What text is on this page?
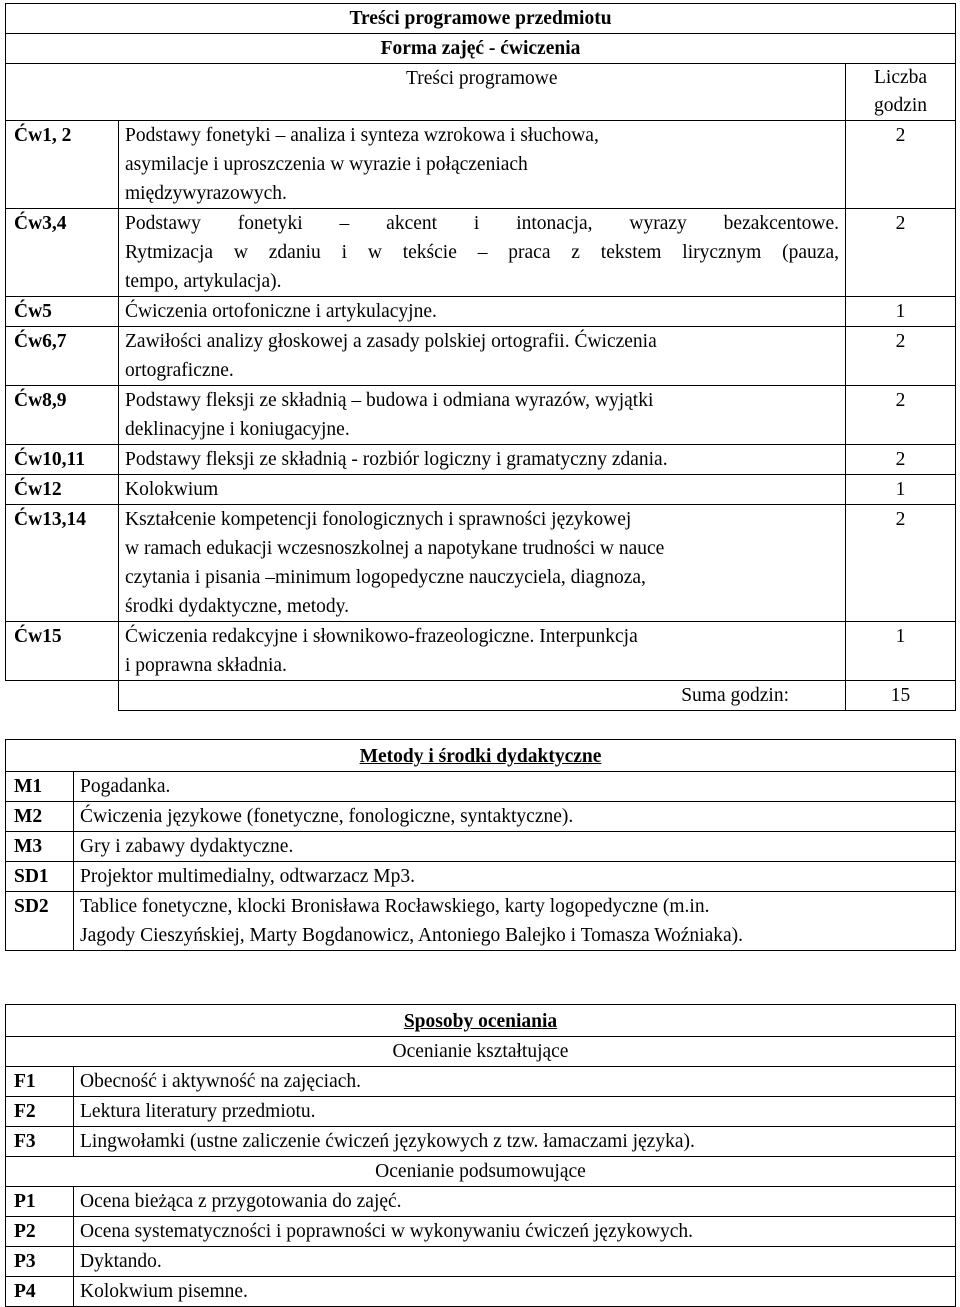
Treści programowe przedmiotu		
Forma zajęć - ćwiczenia		
	Treści programowe	Liczba godzin
Ćw1, 2	Podstawy fonetyki – analiza i synteza wzrokowa i słuchowa,
asymilacje i uproszczenia w wyrazie i połączeniach
międzywyrazowych.	2
Ćw3,4	Podstawy fonetyki – akcent i intonacja, wyrazy bezakcentowe.
Rytmizacja w zdaniu i w tekście – praca z tekstem lirycznym (pauza,
tempo, artykulacja).	2
Ćw5	Ćwiczenia ortofoniczne i artykulacyjne.	1
Ćw6,7	Zawiłości analizy głoskowej a zasady polskiej ortografii. Ćwiczenia
ortograficzne.	2
Ćw8,9	Podstawy fleksji ze składnią – budowa i odmiana wyrazów, wyjątki
deklinacyjne i koniugacyjne.	2
Ćw10,11	Podstawy fleksji ze składnią - rozbiór logiczny i gramatyczny zdania.	2
Ćw12	Kolokwium	1
Ćw13,14	Kształcenie kompetencji fonologicznych i sprawności językowej
w ramach edukacji wczesnoszkolnej a napotykane trudności w nauce
czytania i pisania –minimum logopedyczne nauczyciela, diagnoza,
środki dydaktyczne, metody.	2
Ćw15	Ćwiczenia redakcyjne i słownikowo-frazeologiczne. Interpunkcja
i poprawna składnia.	1
	Suma godzin:	15
Metody i środki dydaktyczne	
M1	Pogadanka.

M2	Ćwiczenia językowe (fonetyczne, fonologiczne, syntaktyczne).

M3	Gry i zabawy dydaktyczne.

SD1	Projektor multimedialny, odtwarzacz Mp3.

SD2	Tablice fonetyczne, klocki Bronisława Rocławskiego, karty logopedyczne (m.in.
Jagody Cieszyńskiej, Marty Bogdanowicz, Antoniego Balejko i Tomasza Woźniaka).
Sposoby oceniania	
Ocenianie kształtujące	
F1	Obecność i aktywność na zajęciach.
F2	Lektura literatury przedmiotu.
F3	Lingwołamki (ustne zaliczenie ćwiczeń językowych z tzw. łamaczami języka).
Ocenianie podsumowujące	
P1	Ocena bieżąca z przygotowania do zajęć.
P2	Ocena systematyczności i poprawności w wykonywaniu ćwiczeń językowych.
P3	Dyktando.
P4	Kolokwium pisemne.
